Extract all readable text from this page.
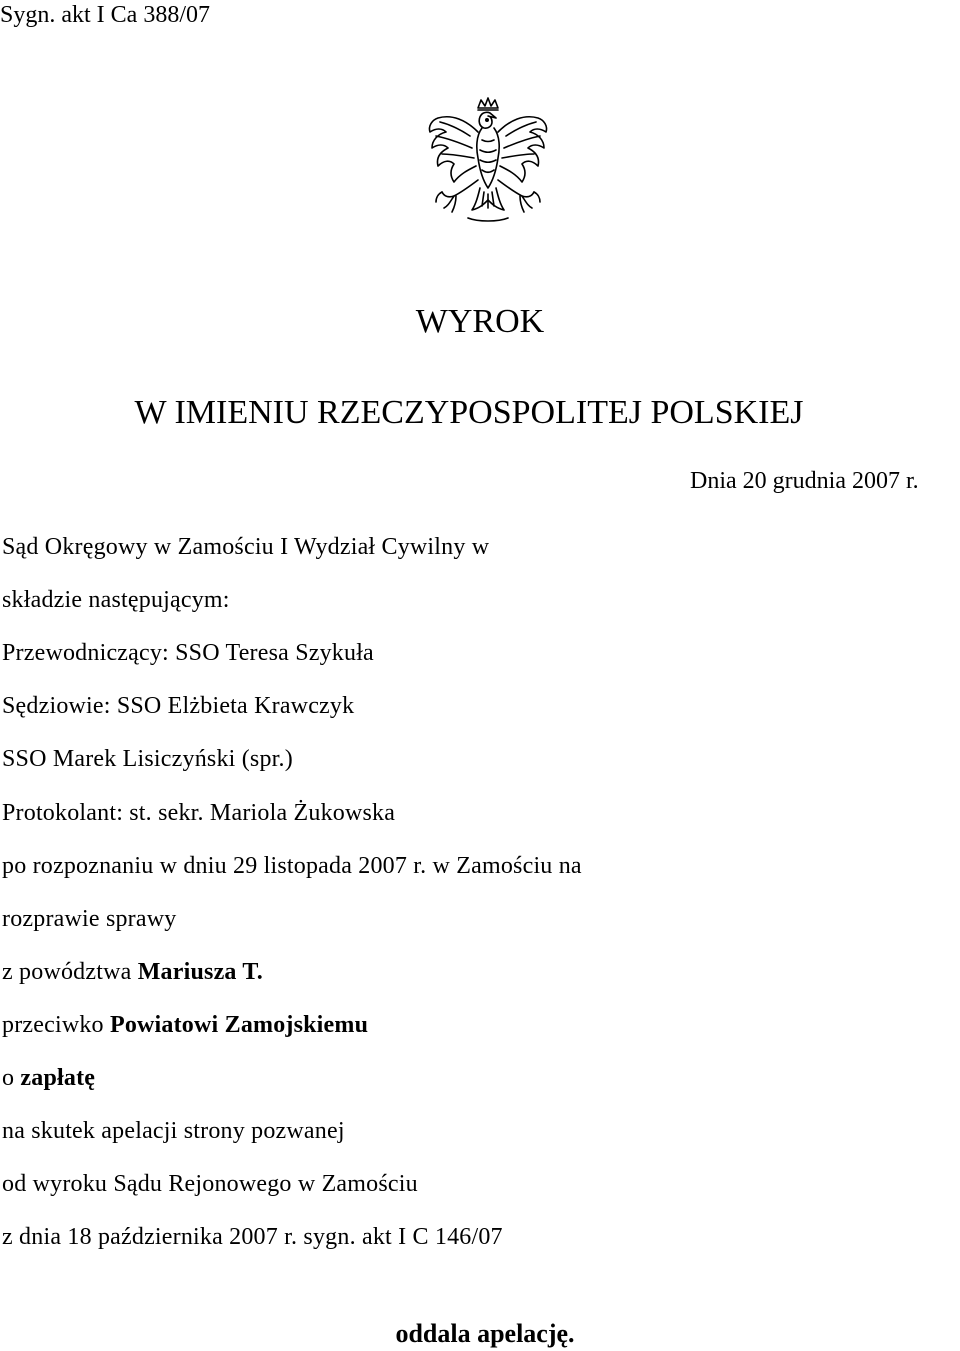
Sygn. akt I Ca 388/07
WYROK
W IMIENIU RZECZYPOSPOLITEJ POLSKIEJ
Dnia 20 grudnia 2007 r.
Sąd Okręgowy w Zamościu I Wydział Cywilny w
składzie następującym:
Przewodniczący: SSO Teresa Szykuła
Sędziowie: SSO Elżbieta Krawczyk
SSO Marek Lisiczyński (spr.)
Protokolant: st. sekr. Mariola Żukowska
po rozpoznaniu w dniu 29 listopada 2007 r. w Zamościu na
rozprawie sprawy
z powództwa Mariusza T.
przeciwko Powiatowi Zamojskiemu
o zapłatę
na skutek apelacji strony pozwanej
od wyroku Sądu Rejonowego w Zamościu
z dnia 18 października 2007 r. sygn. akt I C 146/07
oddala apelację.
